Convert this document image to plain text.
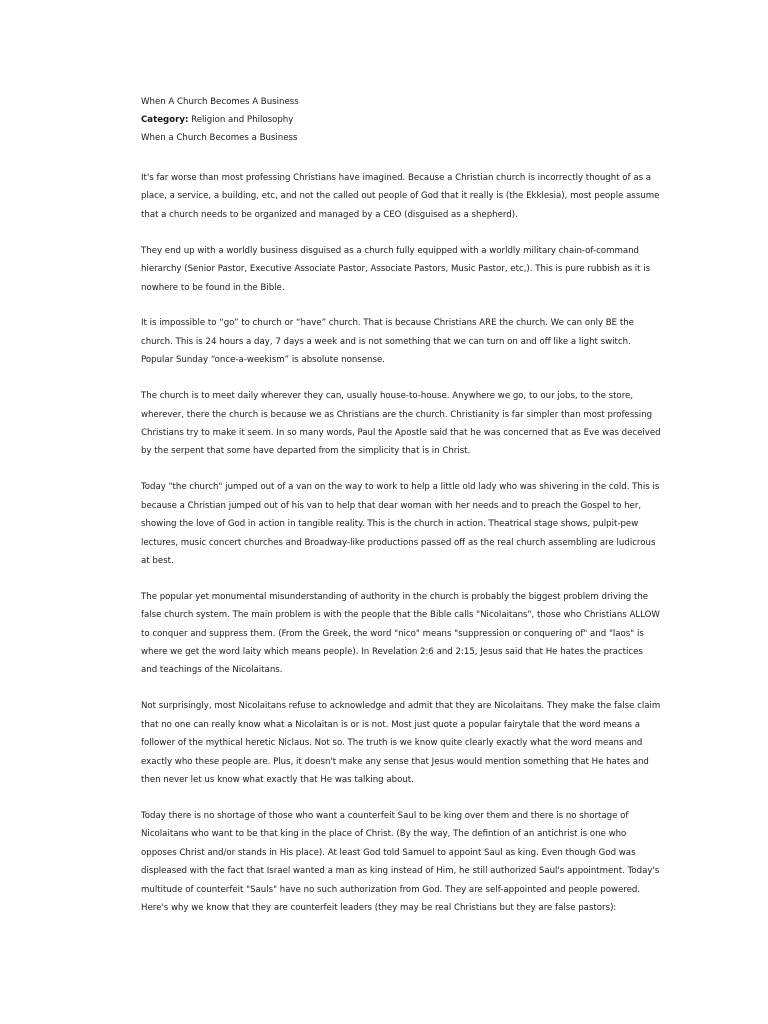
When A Church Becomes A Business
Category: Religion and Philosophy
When a Church Becomes a Business

It's far worse than most professing Christians have imagined. Because a Christian church is incorrectly thought of as a place, a service, a building, etc, and not the called out people of God that it really is (the Ekklesia), most people assume that a church needs to be organized and managed by a CEO (disguised as a shepherd).

They end up with a worldly business disguised as a church fully equipped with a worldly military chain-of-command hierarchy (Senior Pastor, Executive Associate Pastor, Associate Pastors, Music Pastor, etc,). This is pure rubbish as it is nowhere to be found in the Bible.

It is impossible to “go” to church or “have” church. That is because Christians ARE the church. We can only BE the church. This is 24 hours a day, 7 days a week and is not something that we can turn on and off like a light switch. Popular Sunday “once-a-weekism” is absolute nonsense.

The church is to meet daily wherever they can, usually house-to-house. Anywhere we go, to our jobs, to the store, wherever, there the church is because we as Christians are the church. Christianity is far simpler than most professing Christians try to make it seem. In so many words, Paul the Apostle said that he was concerned that as Eve was deceived by the serpent that some have departed from the simplicity that is in Christ.

Today "the church" jumped out of a van on the way to work to help a little old lady who was shivering in the cold. This is because a Christian jumped out of his van to help that dear woman with her needs and to preach the Gospel to her, showing the love of God in action in tangible reality. This is the church in action. Theatrical stage shows, pulpit-pew lectures, music concert churches and Broadway-like productions passed off as the real church assembling are ludicrous at best.

The popular yet monumental misunderstanding of authority in the church is probably the biggest problem driving the false church system. The main problem is with the people that the Bible calls "Nicolaitans", those who Christians ALLOW to conquer and suppress them. (From the Greek, the word "nico" means "suppression or conquering of" and "laos" is where we get the word laity which means people). In Revelation 2:6 and 2:15, Jesus said that He hates the practices and teachings of the Nicolaitans.

Not surprisingly, most Nicolaitans refuse to acknowledge and admit that they are Nicolaitans. They make the false claim that no one can really know what a Nicolaitan is or is not. Most just quote a popular fairytale that the word means a follower of the mythical heretic Niclaus. Not so. The truth is we know quite clearly exactly what the word means and exactly who these people are. Plus, it doesn't make any sense that Jesus would mention something that He hates and then never let us know what exactly that He was talking about.

Today there is no shortage of those who want a counterfeit Saul to be king over them and there is no shortage of Nicolaitans who want to be that king in the place of Christ. (By the way, The defintion of an antichrist is one who opposes Christ and/or stands in His place). At least God told Samuel to appoint Saul as king. Even though God was displeased with the fact that Israel wanted a man as king instead of Him, he still authorized Saul's appointment. Today's multitude of counterfeit "Sauls" have no such authorization from God. They are self-appointed and people powered. Here's why we know that they are counterfeit leaders (they may be real Christians but they are false pastors):
